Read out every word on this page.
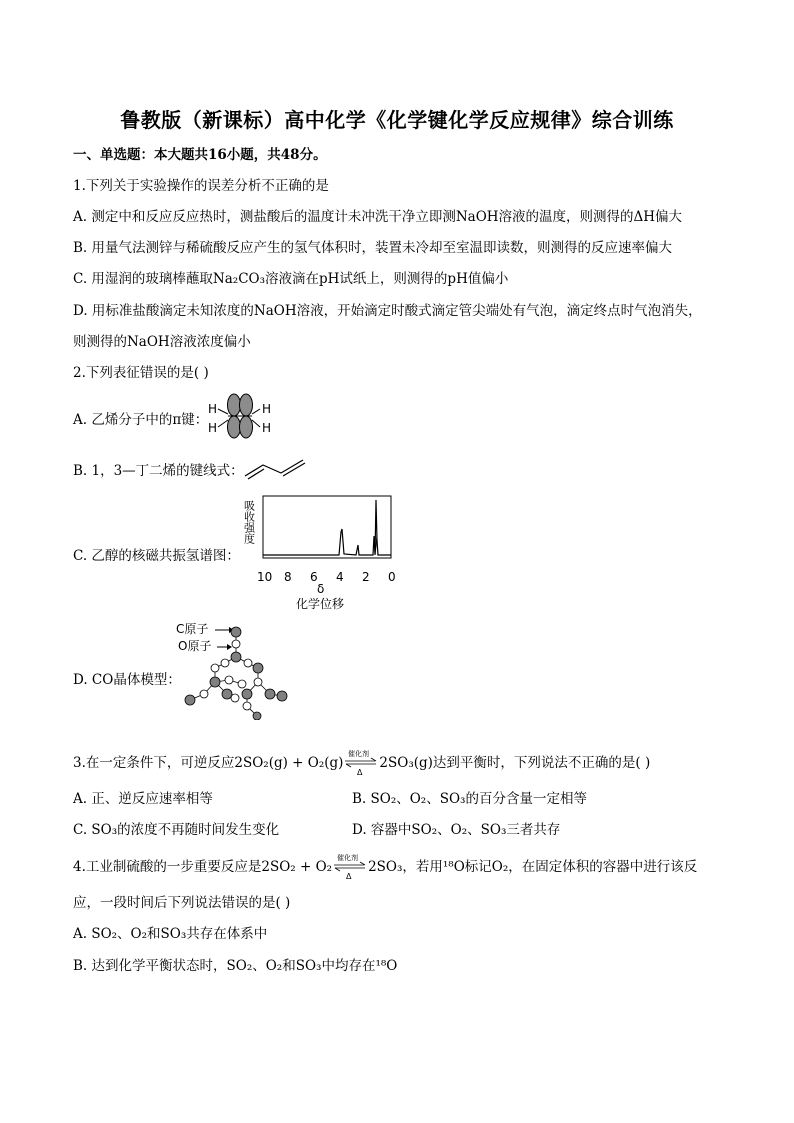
鲁教版（新课标）高中化学《化学键化学反应规律》综合训练
一、单选题：本大题共16小题，共48分。
1.下列关于实验操作的误差分析不正确的是
A. 测定中和反应反应热时，测盐酸后的温度计未冲洗干净立即测NaOH溶液的温度，则测得的ΔH偏大
B. 用量气法测锌与稀硫酸反应产生的氢气体积时，装置未冷却至室温即读数，则测得的反应速率偏大
C. 用湿润的玻璃棒蘸取Na₂CO₃溶液滴在pH试纸上，则测得的pH值偏小
D. 用标准盐酸滴定未知浓度的NaOH溶液，开始滴定时酸式滴定管尖端处有气泡，滴定终点时气泡消失，
则测得的NaOH溶液浓度偏小
2.下列表征错误的是( )
A. 乙烯分子中的π键：
H
H
H
H
B. 1，3—丁二烯的键线式：
C. 乙醇的核磁共振氢谱图：
吸收强度
10 8 6 4 2 0
δ
化学位移
D. CO晶体模型：
C原子
O原子
3.在一定条件下，可逆反应2SO₂(g) + O₂(g)
催化剂
Δ
2SO₃(g)达到平衡时，下列说法不正确的是( )
A. 正、逆反应速率相等	B. SO₂、O₂、SO₃的百分含量一定相等
C. SO₃的浓度不再随时间发生变化	D. 容器中SO₂、O₂、SO₃三者共存
4.工业制硫酸的一步重要反应是2SO₂ + O₂
催化剂
Δ
2SO₃，若用¹⁸O标记O₂，在固定体积的容器中进行该反
应，一段时间后下列说法错误的是( )
A. SO₂、O₂和SO₃共存在体系中
B. 达到化学平衡状态时，SO₂、O₂和SO₃中均存在¹⁸O
